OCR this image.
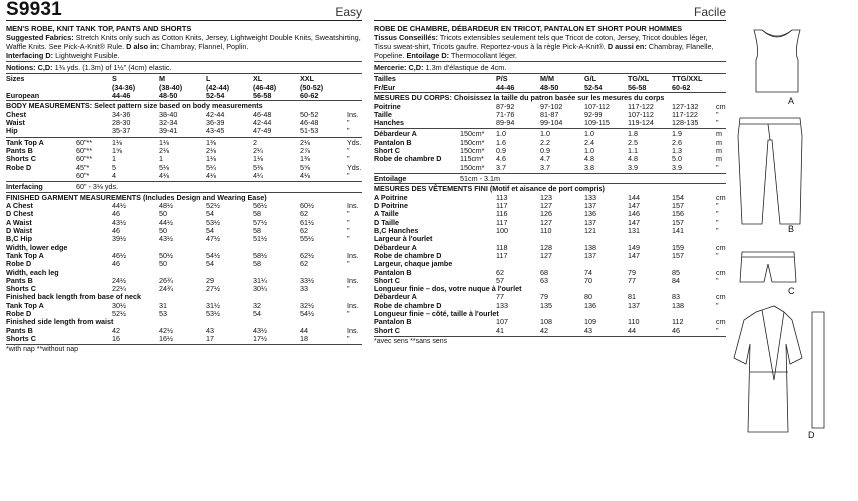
S9931	Easy
MEN'S ROBE, KNIT TANK TOP, PANTS AND SHORTS
Suggested Fabrics: Stretch Knits only such as Cotton Knits, Jersey, Lightweight Double Knits, Sweatshirting, Waffle Knits. See Pick-A-Knit® Rule. D also in: Chambray, Flannel, Poplin.
Interfacing D: Lightweight Fusible.
Notions: C,D: 1⅜ yds. (1.3m) of 1½" (4cm) elastic.
Sizes		S	M	L	XL	XXL	
		(34-36)	(38-40)	(42-44)	(46-48)	(50-52)	
European		44-46	48-50	52-54	56-58	60-62	
BODY MEASUREMENTS: Select pattern size based on body measurements
Chest		34-36	38-40	42-44	46-48	50-52	Ins.
Waist		28-30	32-34	36-39	42-44	46-48	"
Hip		35-37	39-41	43-45	47-49	51-53	"
Tank Top A	60"**	1⅛	1⅛	1⅜	2	2⅛	Yds.
Pants B	60"**	1⅝	2⅛	2⅛	2¼	2⅞	"
Shorts C	60"**	1	1	1⅛	1⅛	1⅜	"
Robe D	45"*	5	5⅛	5¼	5⅜	5⅝	Yds.
	60"*	4	4⅛	4⅛	4¼	4⅛	"
Interfacing	60" - 3⅛ yds.
FINISHED GARMENT MEASUREMENTS (Includes Design and Wearing Ease)
A Chest		44½	48½	52½	56½	60½	Ins.
D Chest		46	50	54	58	62	"
A Waist		43½	44½	53½	57½	61½	"
D Waist		46	50	54	58	62	"
B,C Hip		39½	43½	47½	51½	55½	"
Width, lower edge							
Tank Top A		46½	50½	54½	58½	62½	Ins.
Robe D		46	50	54	58	62	"
Width, each leg							
Pants B		24½	26¾	29	31¼	33½	Ins.
Shorts C		22¼	24¾	27½	30¼	33	"
Finished back length from base of neck							
Tank Top A		30½	31	31½	32	32½	Ins.
Robe D		52½	53	53½	54	54½	"
Finished side length from waist							
Pants B		42	42½	43	43½	44	Ins.
Shorts C		16	16½	17	17½	18	"
*with nap **without nap
Facile
ROBE DE CHAMBRE, DÉBARDEUR EN TRICOT, PANTALON ET SHORT POUR HOMMES
Tissus Conseillés: Tricots extensibles seulement tels que Tricot de coton, Jersey, Tricot doubles léger, Tissu sweat-shirt, Tricots gaufre. Reportez-vous à la règle Pick-A-Knit®. D aussi en: Chambray, Flanelle, Popeline. Entoilage D: Thermocollant léger.
Mercerie: C,D: 1.3m d'élastique de 4cm.
Tailles		P/S	M/M	G/L	TG/XL	TTG/XXL	
Fr/Eur		44-46	48-50	52-54	56-58	60-62	
MESURES DU CORPS: Choisissez la taille du patron basée sur les mesures du corps
Poitrine		87-92	97-102	107-112	117-122	127-132	cm
Taille		71-76	81-87	92-99	107-112	117-122	"
Hanches		89-94	99-104	109-115	119-124	128-135	"
Débardeur A	150cm*	1.0	1.0	1.0	1.8	1.9	m
Pantalon B	150cm*	1.6	2.2	2.4	2.5	2.6	m
Short C	150cm*	0.9	0.9	1.0	1.1	1.3	m
Robe de chambre D	115cm*	4.6	4.7	4.8	4.8	5.0	m
	150cm*	3.7	3.7	3.8	3.9	3.9	"
Entoilage	51cm - 3.1m
MESURES DES VÊTEMENTS FINI (Motif et aisance de port compris)
A Poitrine		113	123	133	144	154	cm
D Poitrine		117	127	137	147	157	"
A Taille		116	126	136	146	156	"
D Taille		117	127	137	147	157	"
B,C Hanches		100	110	121	131	141	"
Largeur à l'ourlet							
Débardeur A		118	128	138	149	159	cm
Robe de chambre D		117	127	137	147	157	"
Largeur, chaque jambe							
Pantalon B		62	68	74	79	85	cm
Short C		57	63	70	77	84	"
Longueur finie – dos, votre nuque à l'ourlet							
Débardeur A		77	79	80	81	83	cm
Robe de chambre D		133	135	136	137	138	"
Longueur finie – côté, taille à l'ourlet							
Pantalon B		107	108	109	110	112	cm
Short C		41	42	43	44	46	"
*avec sens **sans sens
A
B
C
D
